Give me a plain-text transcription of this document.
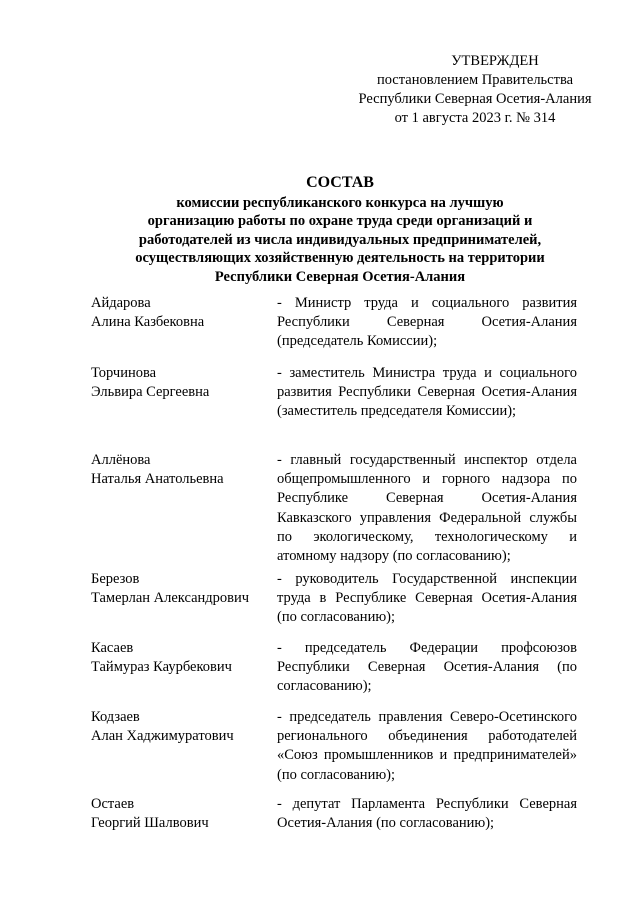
УТВЕРЖДЕН
постановлением Правительства
Республики Северная Осетия-Алания
от 1 августа 2023 г. № 314
СОСТАВ
комиссии республиканского конкурса на лучшую
организацию работы по охране труда среди организаций и
работодателей из числа индивидуальных предпринимателей,
осуществляющих хозяйственную деятельность на территории
Республики Северная Осетия-Алания
Айдарова
Алина Казбековна
- Министр труда и социального развития Республики Северная Осетия-Алания (председатель Комиссии);
Торчинова
Эльвира Сергеевна
- заместитель Министра труда и социального развития Республики Северная Осетия-Алания (заместитель председателя Комиссии);
Аллёнова
Наталья Анатольевна
- главный государственный инспектор отдела общепромышленного и горного надзора по Республике Северная Осетия-Алания Кавказского управления Федеральной службы по экологическому, технологическому и атомному надзору (по согласованию);
Березов
Тамерлан Александрович
- руководитель Государственной инспекции труда в Республике Северная Осетия-Алания (по согласованию);
Касаев
Таймураз Каурбекович
- председатель Федерации профсоюзов Республики Северная Осетия-Алания (по согласованию);
Кодзаев
Алан Хаджимуратович
- председатель правления Северо-Осетинского регионального объединения работодателей «Союз промышленников и предпринимателей» (по согласованию);
Остаев
Георгий Шалвович
- депутат Парламента Республики Северная Осетия-Алания (по согласованию);
